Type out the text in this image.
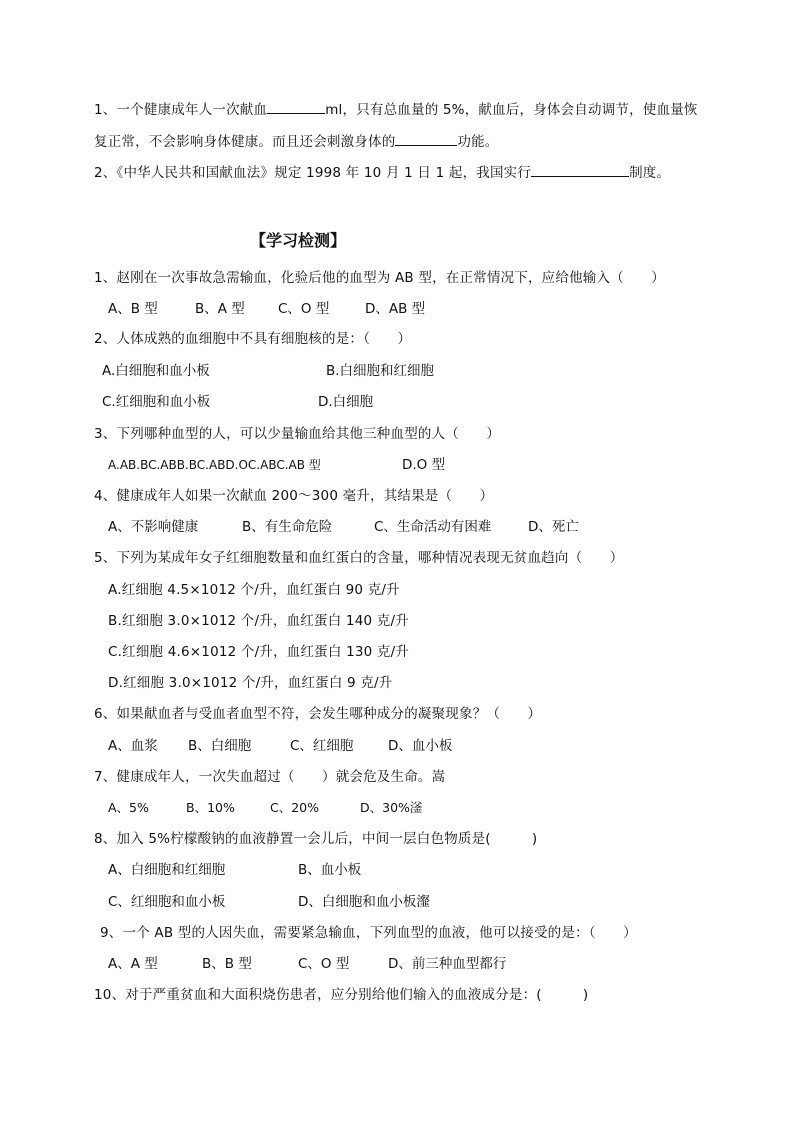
1、一个健康成年人一次献血	ml，只有总血量的 5%，献血后，身体会自动调节，使血量恢
复正常，不会影响身体健康。而且还会刺激身体的	功能。
2、《中华人民共和国献血法》规定 1998 年 10 月 1 日 1 起，我国实行	制度。
【学习检测】
1、赵刚在一次事故急需输血，化验后他的血型为 AB 型，在正常情况下，应给他输入（　　）
A、B 型	B、A 型 C、O 型	D、AB 型
2、人体成熟的血细胞中不具有细胞核的是：（　　）
A.白细胞和血小板	B.白细胞和红细胞
C.红细胞和血小板	D.白细胞
3、下列哪种血型的人，可以少量输血给其他三种血型的人（　　）
A.AB.BC.ABB.BC.ABD.OC.ABC.AB 型	D.O 型
4、健康成年人如果一次献血 200～300 毫升，其结果是（　　）
A、不影响健康	B、有生命危险	C、生命活动有困难	D、死亡
5、下列为某成年女子红细胞数量和血红蛋白的含量，哪种情况表现无贫血趋向（　　）
A.红细胞 4.5×1012 个/升，血红蛋白 90 克/升
B.红细胞 3.0×1012 个/升，血红蛋白 140 克/升
C.红细胞 4.6×1012 个/升，血红蛋白 130 克/升
D.红细胞 3.0×1012 个/升，血红蛋白 9 克/升
6、如果献血者与受血者血型不符，会发生哪种成分的凝聚现象？（　　）
A、血浆 B、白细胞	C、红细胞	D、血小板
7、健康成年人，一次失血超过（　　）就会危及生命。嵩
A、5%	B、10%	C、20%	D、30%滏
8、加入 5%柠檬酸钠的血液静置一会儿后，中间一层白色物质是(　　　)
A、白细胞和红细胞	B、血小板
C、红细胞和血小板	D、白细胞和血小板瀣
9、一个 AB 型的人因失血，需要紧急输血，下列血型的血液，他可以接受的是：（　　）
A、A 型	B、B 型	C、O 型	D、前三种血型都行
10、对于严重贫血和大面积烧伤患者，应分别给他们输入的血液成分是：(　　　)
